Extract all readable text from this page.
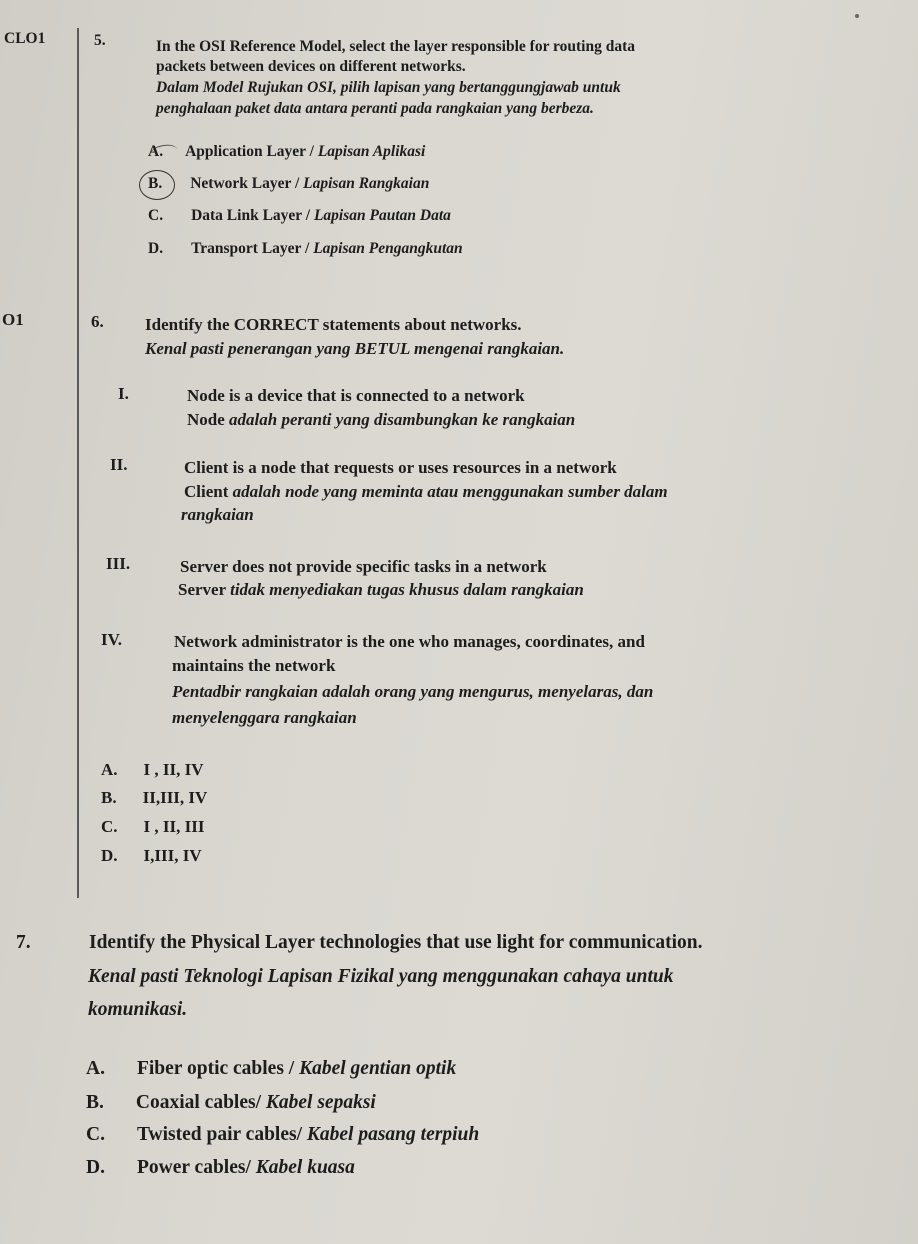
CLO1	5.	In the OSI Reference Model, select the layer responsible for routing data
packets between devices on different networks.
Dalam Model Rujukan OSI, pilih lapisan yang bertanggungjawab untuk
penghalaan paket data antara peranti pada rangkaian yang berbeza.
A. Application Layer / Lapisan Aplikasi
B. Network Layer / Lapisan Rangkaian
C. Data Link Layer / Lapisan Pautan Data
D. Transport Layer / Lapisan Pengangkutan
O1	6. Identify the CORRECT statements about networks.
Kenal pasti penerangan yang BETUL mengenai rangkaian.
I.	Node is a device that is connected to a network
Node adalah peranti yang disambungkan ke rangkaian
II.	Client is a node that requests or uses resources in a network
Client adalah node yang meminta atau menggunakan sumber dalam
rangkaian
III.	Server does not provide specific tasks in a network
Server tidak menyediakan tugas khusus dalam rangkaian
IV.	Network administrator is the one who manages, coordinates, and
maintains the network
Pentadbir rangkaian adalah orang yang mengurus, menyelaras, dan
menyelenggara rangkaian
A. I , II, IV
B. II,III, IV
C. I , II, III
D. I,III, IV
7.	Identify the Physical Layer technologies that use light for communication.
Kenal pasti Teknologi Lapisan Fizikal yang menggunakan cahaya untuk
komunikasi.
A. Fiber optic cables / Kabel gentian optik
B. Coaxial cables/ Kabel sepaksi
C. Twisted pair cables/ Kabel pasang terpiuh
D. Power cables/ Kabel kuasa
